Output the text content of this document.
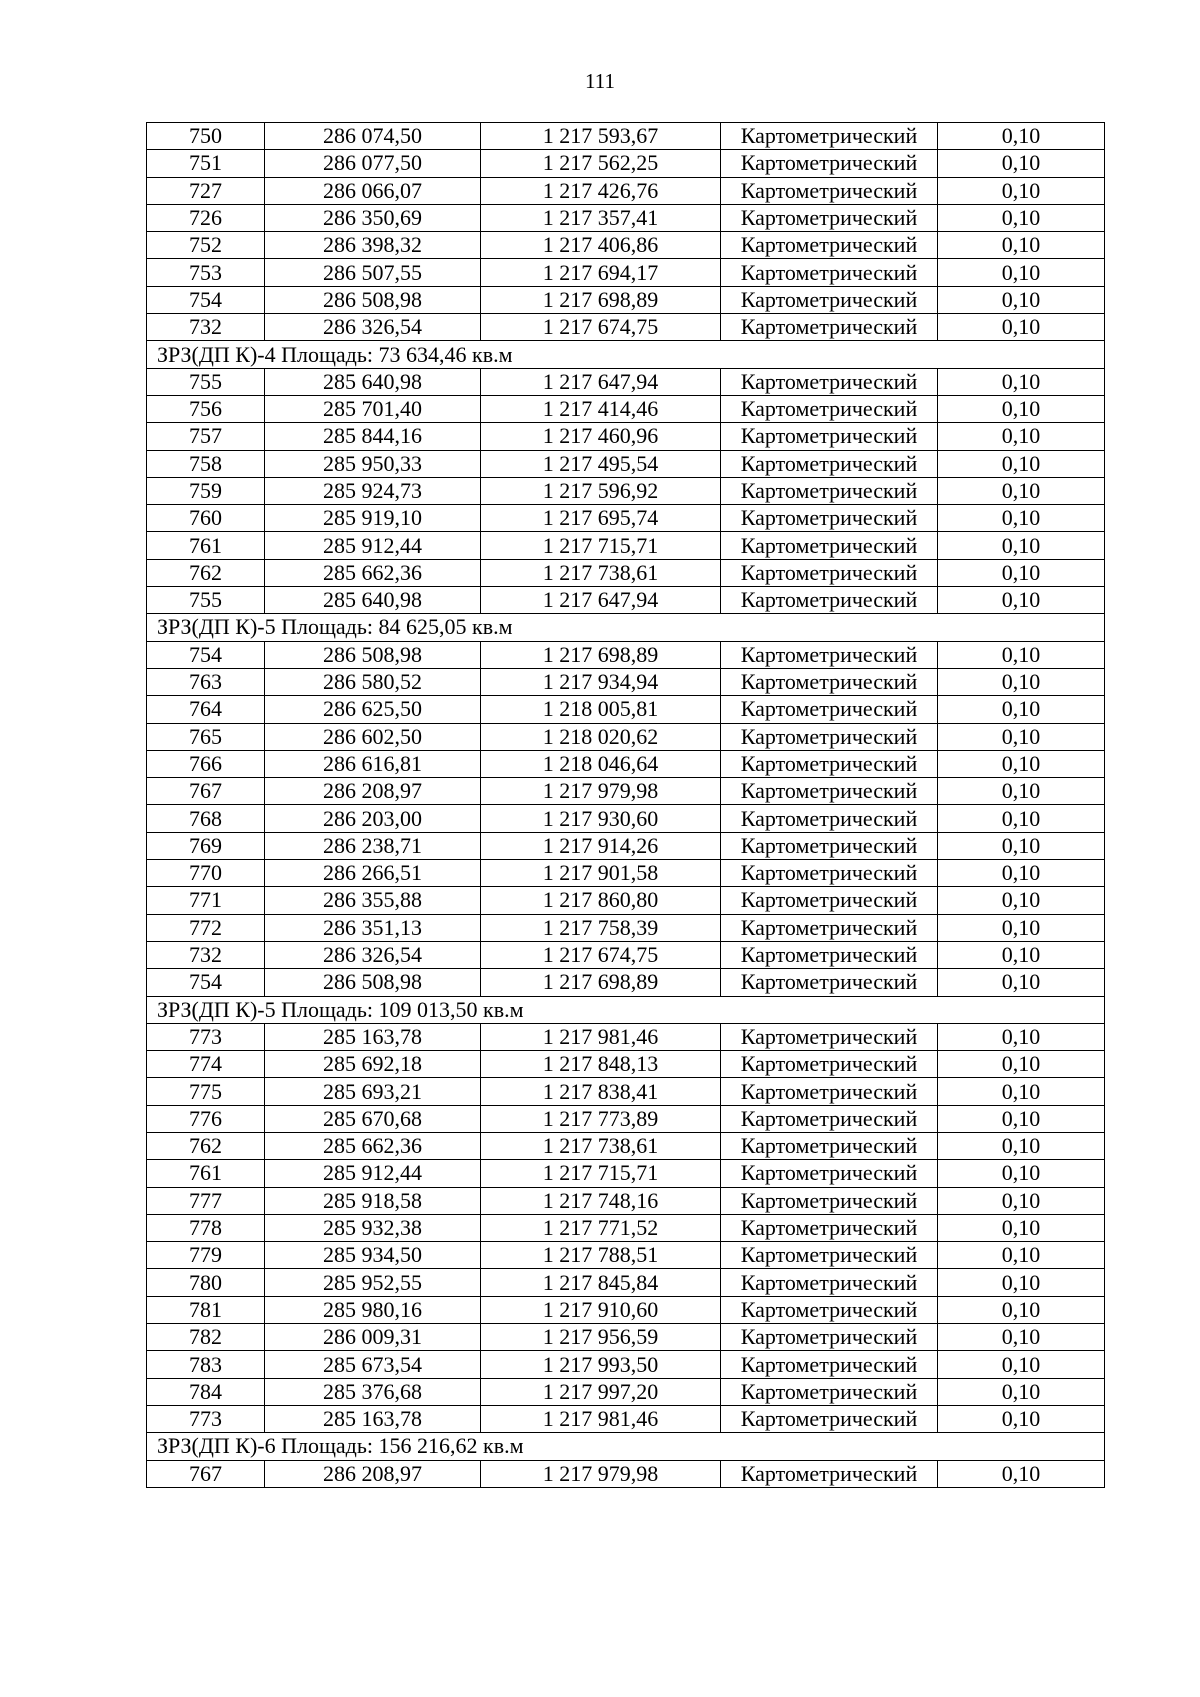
111
750	286 074,50	1 217 593,67	Картометрический	0,10
751	286 077,50	1 217 562,25	Картометрический	0,10
727	286 066,07	1 217 426,76	Картометрический	0,10
726	286 350,69	1 217 357,41	Картометрический	0,10
752	286 398,32	1 217 406,86	Картометрический	0,10
753	286 507,55	1 217 694,17	Картометрический	0,10
754	286 508,98	1 217 698,89	Картометрический	0,10
732	286 326,54	1 217 674,75	Картометрический	0,10
ЗРЗ(ДП К)-4 Площадь: 73 634,46 кв.м				
755	285 640,98	1 217 647,94	Картометрический	0,10
756	285 701,40	1 217 414,46	Картометрический	0,10
757	285 844,16	1 217 460,96	Картометрический	0,10
758	285 950,33	1 217 495,54	Картометрический	0,10
759	285 924,73	1 217 596,92	Картометрический	0,10
760	285 919,10	1 217 695,74	Картометрический	0,10
761	285 912,44	1 217 715,71	Картометрический	0,10
762	285 662,36	1 217 738,61	Картометрический	0,10
755	285 640,98	1 217 647,94	Картометрический	0,10
ЗРЗ(ДП К)-5 Площадь: 84 625,05 кв.м				
754	286 508,98	1 217 698,89	Картометрический	0,10
763	286 580,52	1 217 934,94	Картометрический	0,10
764	286 625,50	1 218 005,81	Картометрический	0,10
765	286 602,50	1 218 020,62	Картометрический	0,10
766	286 616,81	1 218 046,64	Картометрический	0,10
767	286 208,97	1 217 979,98	Картометрический	0,10
768	286 203,00	1 217 930,60	Картометрический	0,10
769	286 238,71	1 217 914,26	Картометрический	0,10
770	286 266,51	1 217 901,58	Картометрический	0,10
771	286 355,88	1 217 860,80	Картометрический	0,10
772	286 351,13	1 217 758,39	Картометрический	0,10
732	286 326,54	1 217 674,75	Картометрический	0,10
754	286 508,98	1 217 698,89	Картометрический	0,10
ЗРЗ(ДП К)-5 Площадь: 109 013,50 кв.м				
773	285 163,78	1 217 981,46	Картометрический	0,10
774	285 692,18	1 217 848,13	Картометрический	0,10
775	285 693,21	1 217 838,41	Картометрический	0,10
776	285 670,68	1 217 773,89	Картометрический	0,10
762	285 662,36	1 217 738,61	Картометрический	0,10
761	285 912,44	1 217 715,71	Картометрический	0,10
777	285 918,58	1 217 748,16	Картометрический	0,10
778	285 932,38	1 217 771,52	Картометрический	0,10
779	285 934,50	1 217 788,51	Картометрический	0,10
780	285 952,55	1 217 845,84	Картометрический	0,10
781	285 980,16	1 217 910,60	Картометрический	0,10
782	286 009,31	1 217 956,59	Картометрический	0,10
783	285 673,54	1 217 993,50	Картометрический	0,10
784	285 376,68	1 217 997,20	Картометрический	0,10
773	285 163,78	1 217 981,46	Картометрический	0,10
ЗРЗ(ДП К)-6 Площадь: 156 216,62 кв.м				
767	286 208,97	1 217 979,98	Картометрический	0,10
